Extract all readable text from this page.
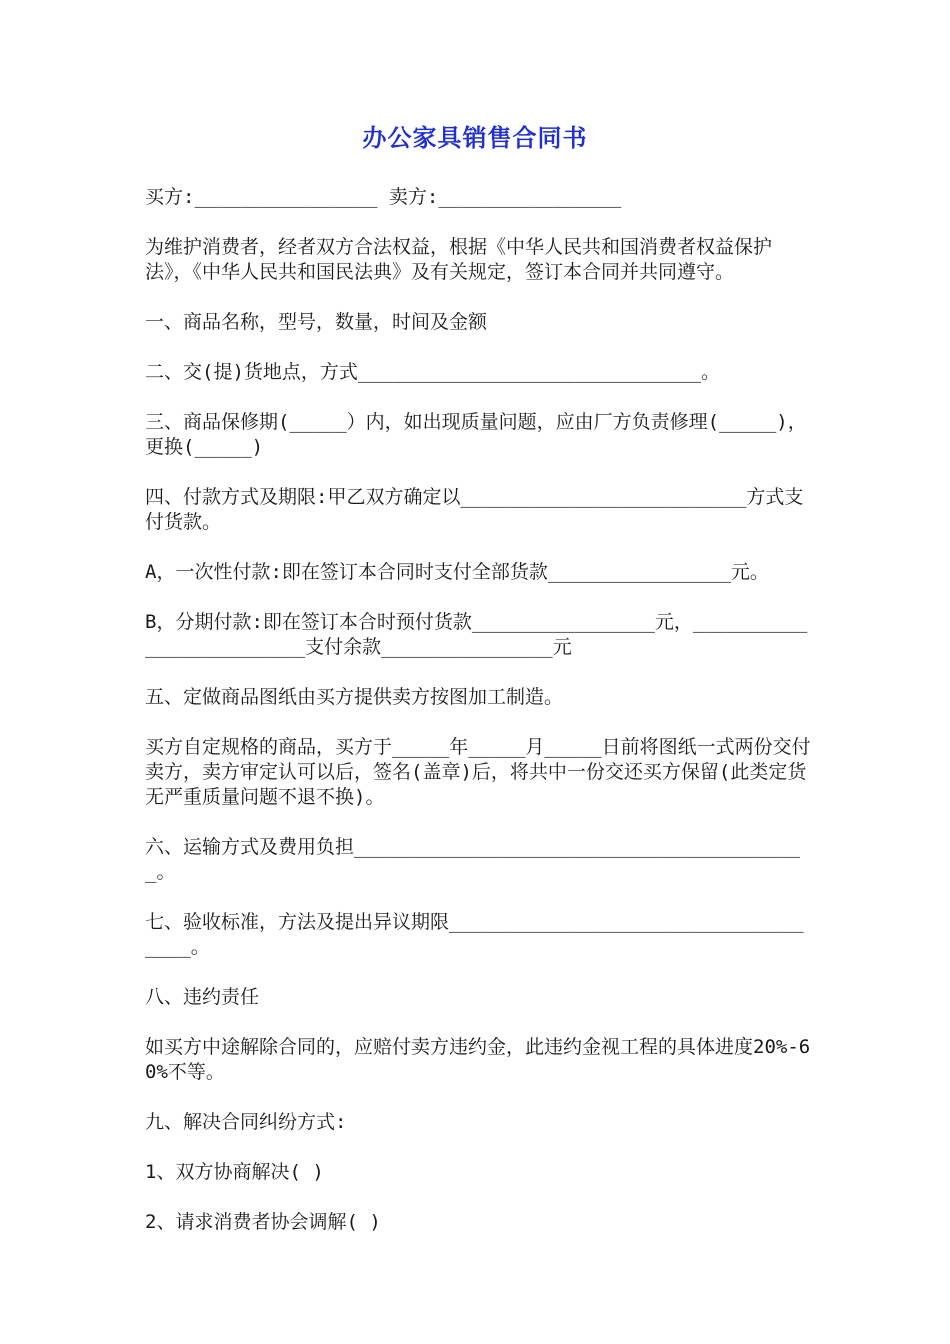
办公家具销售合同书

买方:________________ 卖方:________________

为维护消费者，经者双方合法权益，根据《中华人民共和国消费者权益保护法》，《中华人民共和国民法典》及有关规定，签订本合同并共同遵守。

一、商品名称，型号，数量，时间及金额

二、交(提)货地点，方式______________________________。

三、商品保修期(_____）内，如出现质量问题，应由厂方负责修理(_____)，更换(_____)

四、付款方式及期限:甲乙双方确定以_________________________方式支付货款。

A，一次性付款:即在签订本合同时支付全部货款________________元。

B，分期付款:即在签订本合时预付货款________________元，________________________支付余款_______________元

五、定做商品图纸由买方提供卖方按图加工制造。

买方自定规格的商品，买方于_____年_____月_____日前将图纸一式两份交付卖方，卖方审定认可以后，签名(盖章)后，将共中一份交还买方保留(此类定货无严重质量问题不退不换)。

六、运输方式及费用负担________________________________________。

七、验收标准，方法及提出异议期限___________________________________。

八、违约责任

如买方中途解除合同的，应赔付卖方违约金，此违约金视工程的具体进度20%-60%不等。

九、解决合同纠纷方式:

1、双方协商解决( )

2、请求消费者协会调解( )
